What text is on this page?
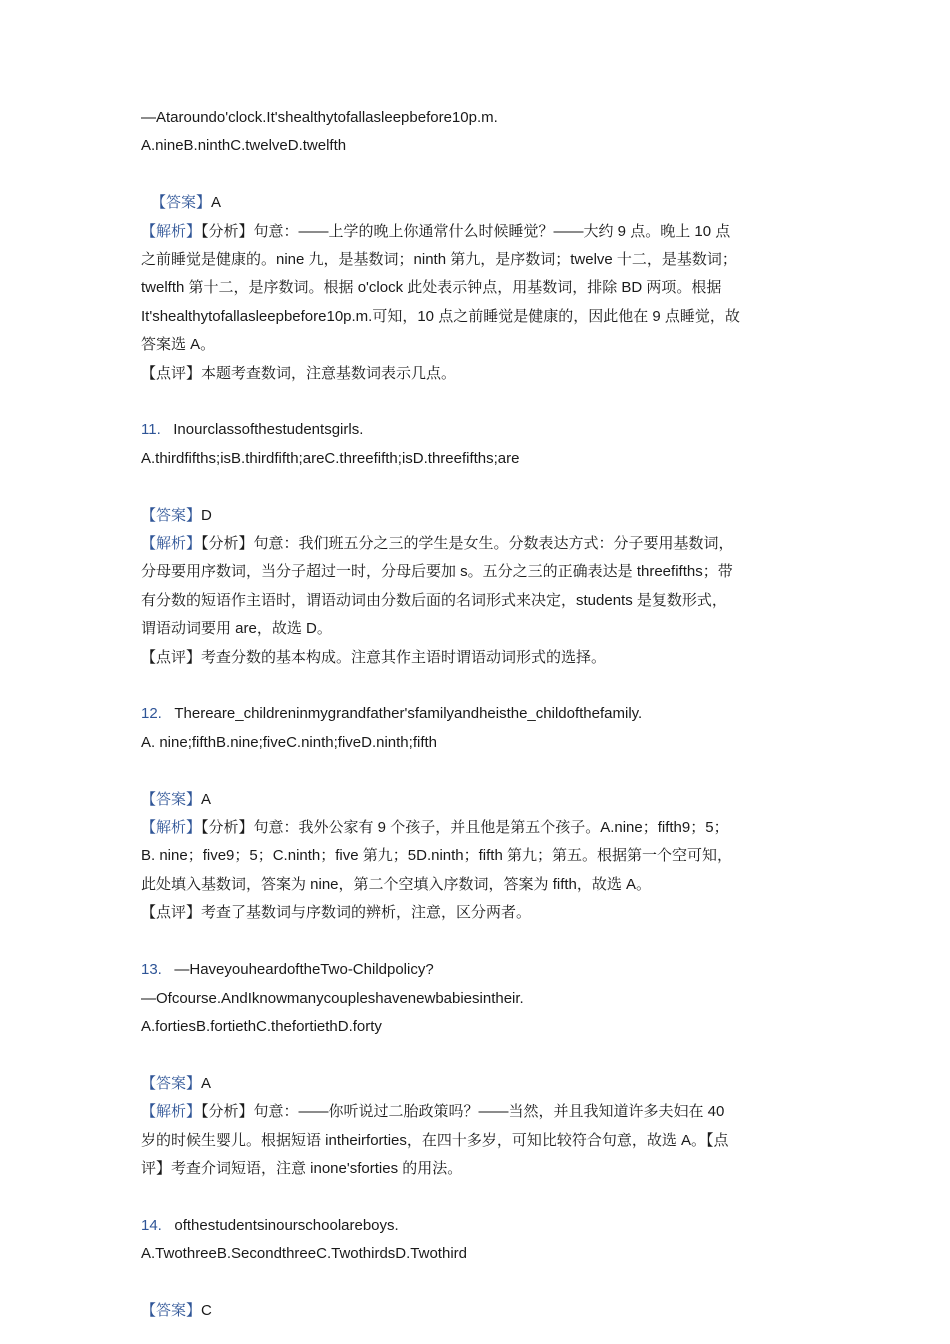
—Ataroundo'clock.It'shealthytofallasleepbefore10p.m.
A.nineB.ninthC.twelveD.twelfth
【答案】A
【解析】【分析】句意：——上学的晚上你通常什么时候睡觉？——大约 9 点。晚上 10 点
之前睡觉是健康的。nine 九，是基数词；ninth 第九，是序数词；twelve 十二，是基数词；
twelfth 第十二，是序数词。根据 o'clock 此处表示钟点，用基数词，排除 BD 两项。根据
It'shealthytofallasleepbefore10p.m.可知，10 点之前睡觉是健康的，因此他在 9 点睡觉，故
答案选 A。
【点评】本题考查数词，注意基数词表示几点。
11. Inourclassofthestudentsgirls.
A.thirdfifths;isB.thirdfifth;areC.threefifth;isD.threefifths;are
【答案】D
【解析】【分析】句意：我们班五分之三的学生是女生。分数表达方式：分子要用基数词，
分母要用序数词，当分子超过一时，分母后要加 s。五分之三的正确表达是 threefifths；带
有分数的短语作主语时，谓语动词由分数后面的名词形式来决定，students 是复数形式，
谓语动词要用 are，故选 D。
【点评】考查分数的基本构成。注意其作主语时谓语动词形式的选择。
12. Thereare_childreninmygrandfather'sfamilyandheisthe_childofthefamily.
A. nine;fifthB.nine;fiveC.ninth;fiveD.ninth;fifth
【答案】A
【解析】【分析】句意：我外公家有 9 个孩子，并且他是第五个孩子。A.nine；fifth9；5；
B. nine；five9；5；C.ninth；five 第九；5D.ninth；fifth 第九；第五。根据第一个空可知，
此处填入基数词，答案为 nine，第二个空填入序数词，答案为 fifth，故选 A。
【点评】考查了基数词与序数词的辨析，注意，区分两者。
13. —HaveyouheardoftheTwo-Childpolicy?
—Ofcourse.AndIknowmanycoupleshavenewbabiesintheir.
A.fortiesB.fortiethC.thefortiethD.forty
【答案】A
【解析】【分析】句意：——你听说过二胎政策吗？——当然，并且我知道许多夫妇在 40
岁的时候生婴儿。根据短语 intheirforties，在四十多岁，可知比较符合句意，故选 A。【点
评】考查介词短语，注意 inone'sforties 的用法。
14. ofthestudentsinourschoolareboys.
A.TwothreeB.SecondthreeC.TwothirdsD.Twothird
【答案】C
